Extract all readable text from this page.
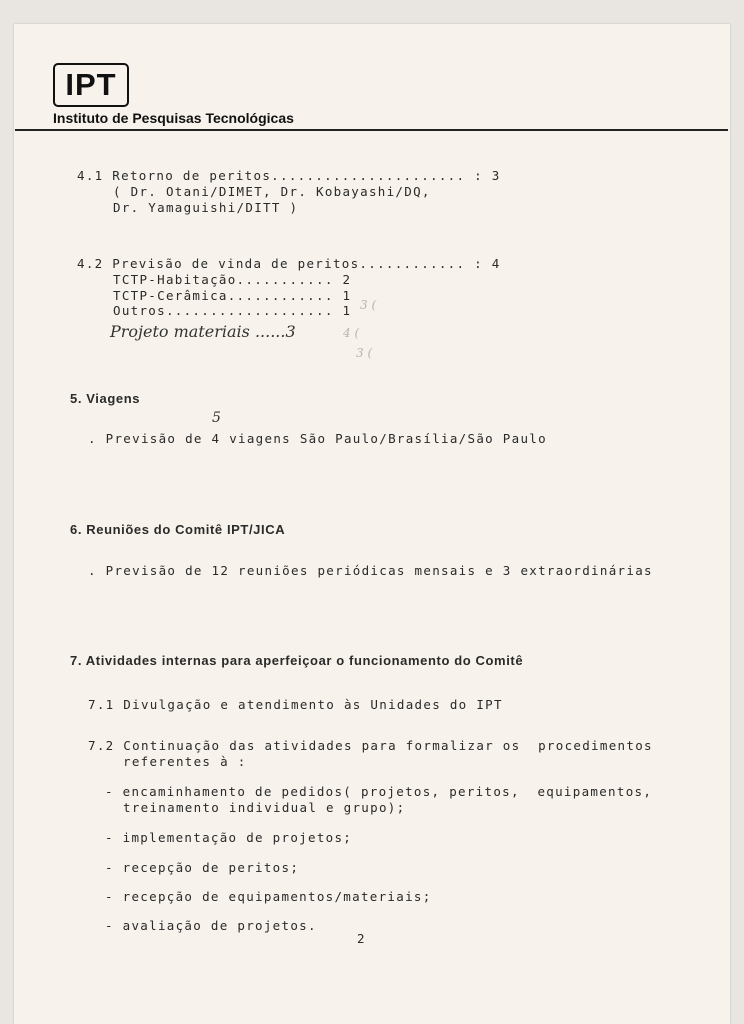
IPT
Instituto de Pesquisas Tecnológicas
4.1 Retorno de peritos...................... : 3
( Dr. Otani/DIMET, Dr. Kobayashi/DQ,
Dr. Yamaguishi/DITT )
4.2 Previsão de vinda de peritos............ : 4
TCTP-Habitação........... 2
TCTP-Cerâmica............ 1
Outros................... 1 3 (
Projeto materiais ......3	4 (
3 (
5. Viagens
. Previsão de 4 viagens São Paulo/Brasília/São Paulo
5
6. Reuniões do Comitê IPT/JICA
. Previsão de 12 reuniões periódicas mensais e 3 extraordinárias
7. Atividades internas para aperfeiçoar o funcionamento do Comitê
7.1 Divulgação e atendimento às Unidades do IPT
7.2 Continuação das atividades para formalizar os  procedimentos
referentes à :
- encaminhamento de pedidos( projetos, peritos,  equipamentos,
treinamento individual e grupo);
- implementação de projetos;
- recepção de peritos;
- recepção de equipamentos/materiais;
- avaliação de projetos.
2
